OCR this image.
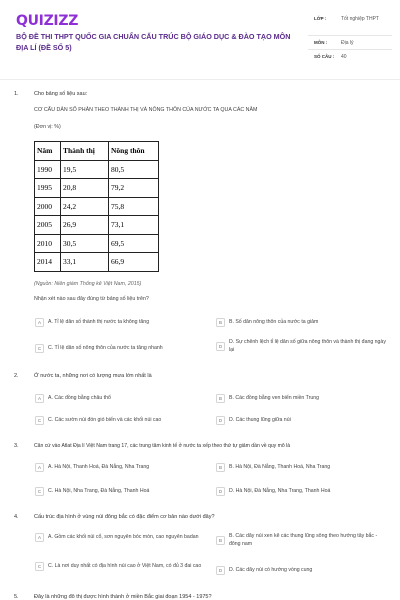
QUIZIZZ
BỘ ĐỀ THI THPT QUỐC GIA CHUẨN CẤU TRÚC BỘ GIÁO DỤC & ĐÀO TẠO MÔN ĐỊA LÍ (ĐỀ SỐ 5)
LỚP :	Tốt nghiệp THPT
MÔN :	Địa lý
SỐ CÂU :	40
1.	Cho bảng số liệu sau:
CƠ CẤU DÂN SỐ PHÂN THEO THÀNH THỊ VÀ NÔNG THÔN CỦA NƯỚC TA QUA CÁC NĂM
(Đơn vị: %)
Năm	Thành thị	Nông thôn
1990	19,5	80,5
1995	20,8	79,2
2000	24,2	75,8
2005	26,9	73,1
2010	30,5	69,5
2014	33,1	66,9
(Nguồn: Niên giám Thống kê Việt Nam, 2015)
Nhận xét nào sau đây đúng từ bảng số liệu trên?
A	A. Tỉ lệ dân số thành thị nước ta không tăng	B	B. Số dân nông thôn của nước ta giảm
C	C. Tỉ lệ dân số nông thôn của nước ta tăng nhanh	D
D. Sự chênh lệch tỉ lệ dân số giữa nông thôn và thành thị đang ngày lại
2.	Ở nước ta, những nơi có lượng mưa lớn nhất là
A	A. Các đồng bằng châu thổ	B	B. Các đồng bằng ven biển miền Trung
C	C. Các sườn núi đón gió biển và các khối núi cao	D	D. Các thung lũng giữa núi
3.	Căn cứ vào Atlat Địa lí Việt Nam trang 17, các trung tâm kinh tế ở nước ta xếp theo thứ tự giảm dần về quy mô là
A	A. Hà Nội, Thanh Hoá, Đà Nẵng, Nha Trang	B	B. Hà Nội, Đà Nẵng, Thanh Hoá, Nha Trang
C	C. Hà Nội, Nha Trang, Đà Nẵng, Thanh Hoá	D	D. Hà Nội, Đà Nẵng, Nha Trang, Thanh Hoá
4.	Cấu trúc địa hình ở vùng núi đông bắc có đặc điểm cơ bản nào dưới đây?
A	A. Gồm các khối núi cổ, sơn nguyên bóc mòn, cao nguyên badan
B
B. Các dãy núi xen kẽ các thung lũng sông theo hướng tây bắc - đông nam
C	C. Là nơi duy nhất có địa hình núi cao ở Việt Nam, có đủ 3 đai cao
D	D. Các dãy núi có hướng vòng cung
5.	Đây là những đô thị được hình thành ở miền Bắc giai đoạn 1954 - 1975?
